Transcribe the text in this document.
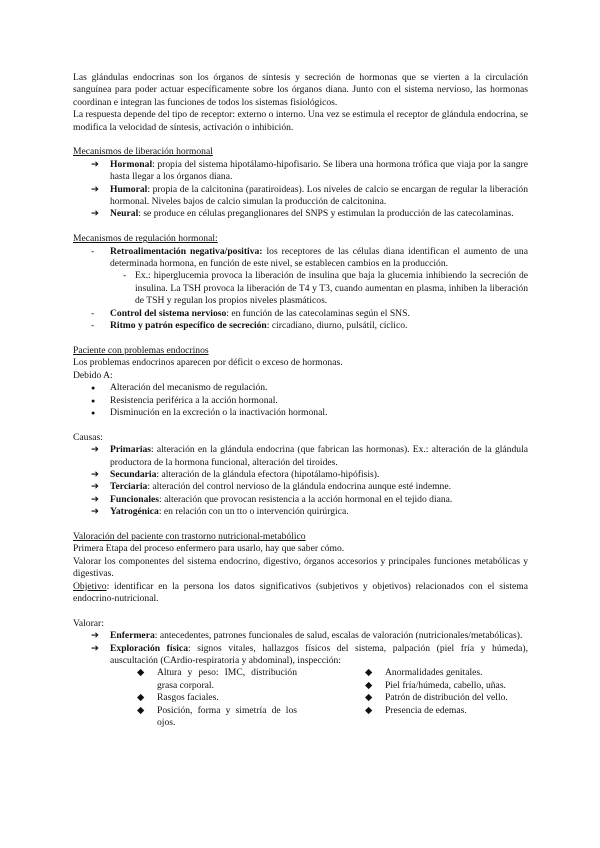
Las glándulas endocrinas son los órganos de síntesis y secreción de hormonas que se vierten a la circulación sanguínea para poder actuar específicamente sobre los órganos diana. Junto con el sistema nervioso, las hormonas coordinan e integran las funciones de todos los sistemas fisiológicos.

La respuesta depende del tipo de receptor: externo o interno. Una vez se estimula el receptor de glándula endocrina, se modifica la velocidad de síntesis, activación o inhibición.

Mecanismos de liberación hormonal

➔	Hormonal: propia del sistema hipotálamo-hipofisario. Se libera una hormona trófica que viaja por la sangre hasta llegar a los órganos diana.
➔	Humoral: propia de la calcitonina (paratiroideas). Los niveles de calcio se encargan de regular la liberación hormonal. Niveles bajos de calcio simulan la producción de calcitonina.
➔	Neural: se produce en células preganglionares del SNPS y estimulan la producción de las catecolaminas.

Mecanismos de regulación hormonal:

-	Retroalimentación negativa/positiva: los receptores de las células diana identifican el aumento de una determinada hormona, en función de este nivel, se establecen cambios en la producción.
- Ex.: hiperglucemia provoca la liberación de insulina que baja la glucemia inhibiendo la secreción de insulina. La TSH provoca la liberación de T4 y T3, cuando aumentan en plasma, inhiben la liberación de TSH y regulan los propios niveles plasmáticos.
-	Control del sistema nervioso: en función de las catecolaminas según el SNS.
-	Ritmo y patrón específico de secreción: circadiano, diurno, pulsátil, cíclico.

Paciente con problemas endocrinos

Los problemas endocrinos aparecen por déficit o exceso de hormonas.

Debido A:

●	Alteración del mecanismo de regulación.
●	Resistencia periférica a la acción hormonal.
●	Disminución en la excreción o la inactivación hormonal.

Causas:

➔	Primarias: alteración en la glándula endocrina (que fabrican las hormonas). Ex.: alteración de la glándula productora de la hormona funcional, alteración del tiroides.
➔	Secundaria: alteración de la glándula efectora (hipotálamo-hipófisis).
➔	Terciaria: alteración del control nervioso de la glándula endocrina aunque esté indemne.
➔	Funcionales: alteración que provocan resistencia a la acción hormonal en el tejido diana.
➔	Yatrogénica: en relación con un tto o intervención quirúrgica.

Valoración del paciente con trastorno nutricional-metabólico

Primera Etapa del proceso enfermero para usarlo, hay que saber cómo.

Valorar los componentes del sistema endocrino, digestivo, órganos accesorios y principales funciones metabólicas y digestivas.

Objetivo: identificar en la persona los datos significativos (subjetivos y objetivos) relacionados con el sistema endocrino-nutricional.

Valorar:

➔	Enfermera: antecedentes, patrones funcionales de salud, escalas de valoración (nutricionales/metabólicas).
➔	Exploración física: signos vitales, hallazgos físicos del sistema, palpación (piel fría y húmeda), auscultación (CArdio-respiratoria y abdominal), inspección:
◆	Altura y peso: IMC, distribución grasa corporal.
◆	Rasgos faciales.
◆	Posición, forma y simetría de los ojos.
◆	Anormalidades genitales.
◆	Piel fría/húmeda, cabello, uñas.
◆	Patrón de distribución del vello.
◆	Presencia de edemas.
